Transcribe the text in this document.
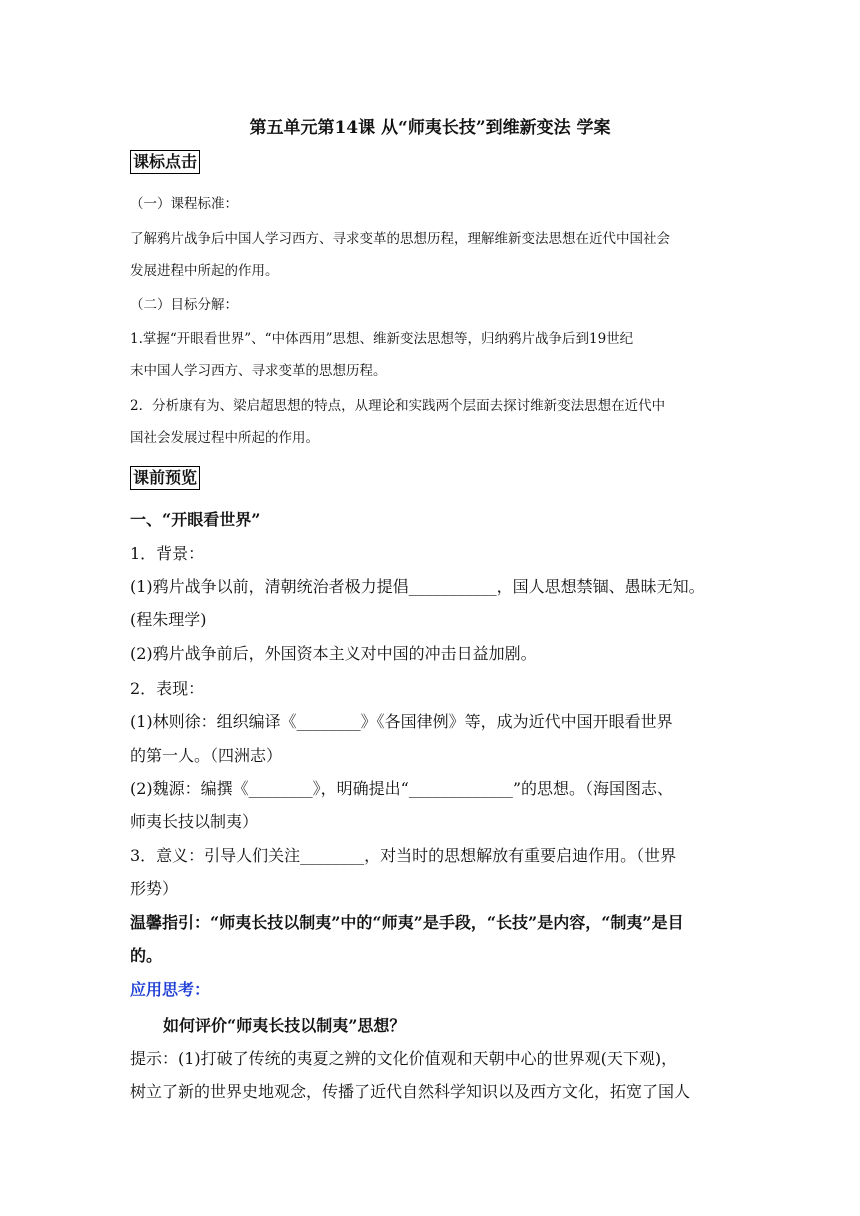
第五单元第14课 从“师夷长技”到维新变法 学案
课标点击
（一）课程标准：
了解鸦片战争后中国人学习西方、寻求变革的思想历程，理解维新变法思想在近代中国社会
发展进程中所起的作用。
（二）目标分解：
1.掌握“开眼看世界”、“中体西用”思想、维新变法思想等，归纳鸦片战争后到19世纪
末中国人学习西方、寻求变革的思想历程。
2．分析康有为、梁启超思想的特点，从理论和实践两个层面去探讨维新变法思想在近代中
国社会发展过程中所起的作用。
课前预览
一、“开眼看世界”
1．背景：
(1)鸦片战争以前，清朝统治者极力提倡___________，国人思想禁锢、愚昧无知。
(程朱理学)
(2)鸦片战争前后，外国资本主义对中国的冲击日益加剧。
2．表现：
(1)林则徐：组织编译《________》《各国律例》等，成为近代中国开眼看世界
的第一人。（四洲志）
(2)魏源：编撰《________》，明确提出“_____________”的思想。（海国图志、
师夷长技以制夷）
3．意义：引导人们关注________，对当时的思想解放有重要启迪作用。（世界
形势）
温馨指引：“师夷长技以制夷”中的“师夷”是手段，“长技”是内容，“制夷”是目
的。
应用思考：
如何评价“师夷长技以制夷”思想？
提示：(1)打破了传统的夷夏之辨的文化价值观和天朝中心的世界观(天下观)，
树立了新的世界史地观念，传播了近代自然科学知识以及西方文化，拓宽了国人
